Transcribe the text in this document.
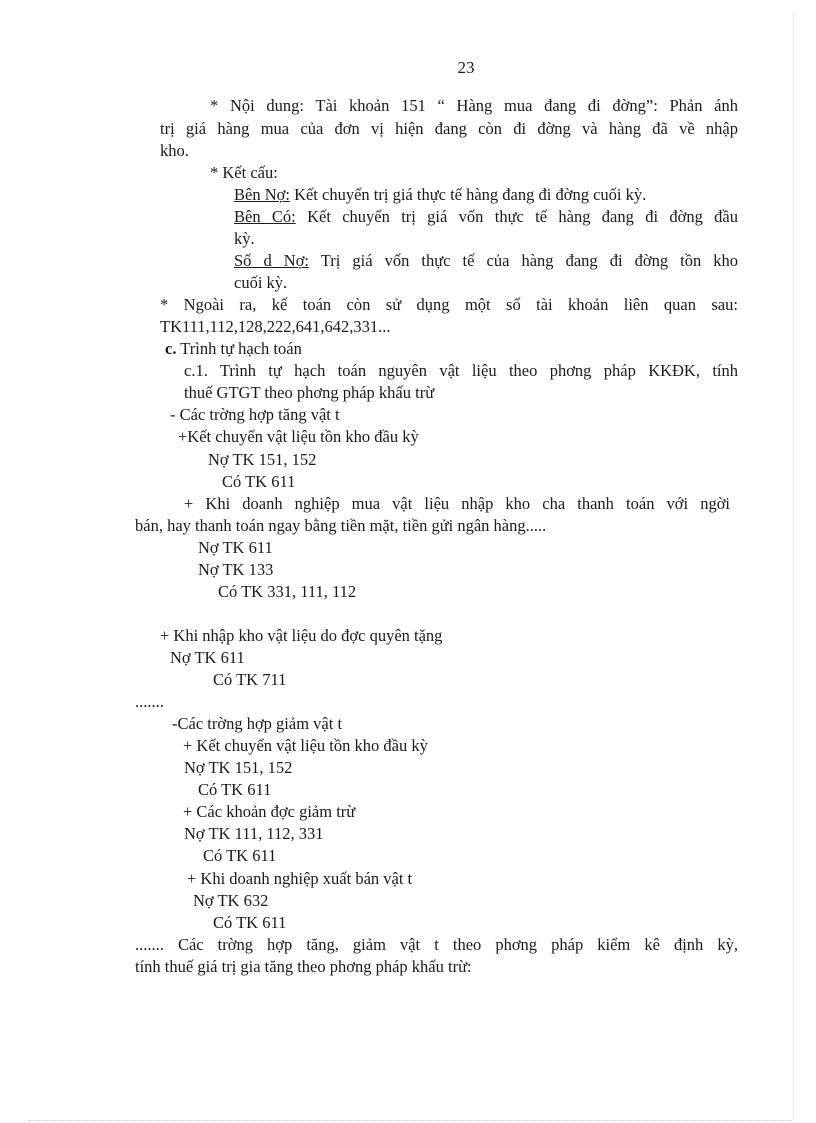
23
* Nội dung: Tài khoản 151 “ Hàng mua đang đi đờng”: Phản ánh
trị giá hàng mua của đơn vị hiện đang còn đi đờng và hàng đã về nhập
kho.
* Kết cấu:
Bên Nợ: Kết chuyển trị giá thực tế hàng đang đi đờng cuối kỳ.
Bên Có: Kết chuyển trị giá vốn thực tế hàng đang đi đờng đầu
kỳ.
Số d Nợ: Trị giá vốn thực tế của hàng đang đi đờng tồn kho
cuối kỳ.
* Ngoài ra, kế toán còn sử dụng một số tài khoản liên quan sau:
TK111,112,128,222,641,642,331...
c. Trình tự hạch toán
c.1. Trình tự hạch toán nguyên vật liệu theo phơng pháp KKĐK, tính
thuế GTGT theo phơng pháp khấu trừ
- Các trờng hợp tăng vật t
+Kết chuyển vật liệu tồn kho đầu kỳ
Nợ TK 151, 152
Có TK 611
+ Khi doanh nghiệp mua vật liệu nhập kho cha thanh toán với ngời
bán, hay thanh toán ngay bằng tiền mặt, tiền gửi ngân hàng.....
Nợ TK 611
Nợ TK 133
Có TK 331, 111, 112
+ Khi nhập kho vật liệu do đợc quyên tặng
Nợ TK 611
Có TK 711
.......
-Các trờng hợp giảm vật t
+ Kết chuyển vật liệu tồn kho đầu kỳ
Nợ TK 151, 152
Có TK 611
+ Các khoản đợc giảm trừ
Nợ TK 111, 112, 331
Có TK 611
+ Khi doanh nghiệp xuất bán vật t
Nợ TK 632
Có TK 611
....... Các trờng hợp tăng, giảm vật t theo phơng pháp kiểm kê định kỳ,
tính thuế giá trị gia tăng theo phơng pháp khấu trừ:
